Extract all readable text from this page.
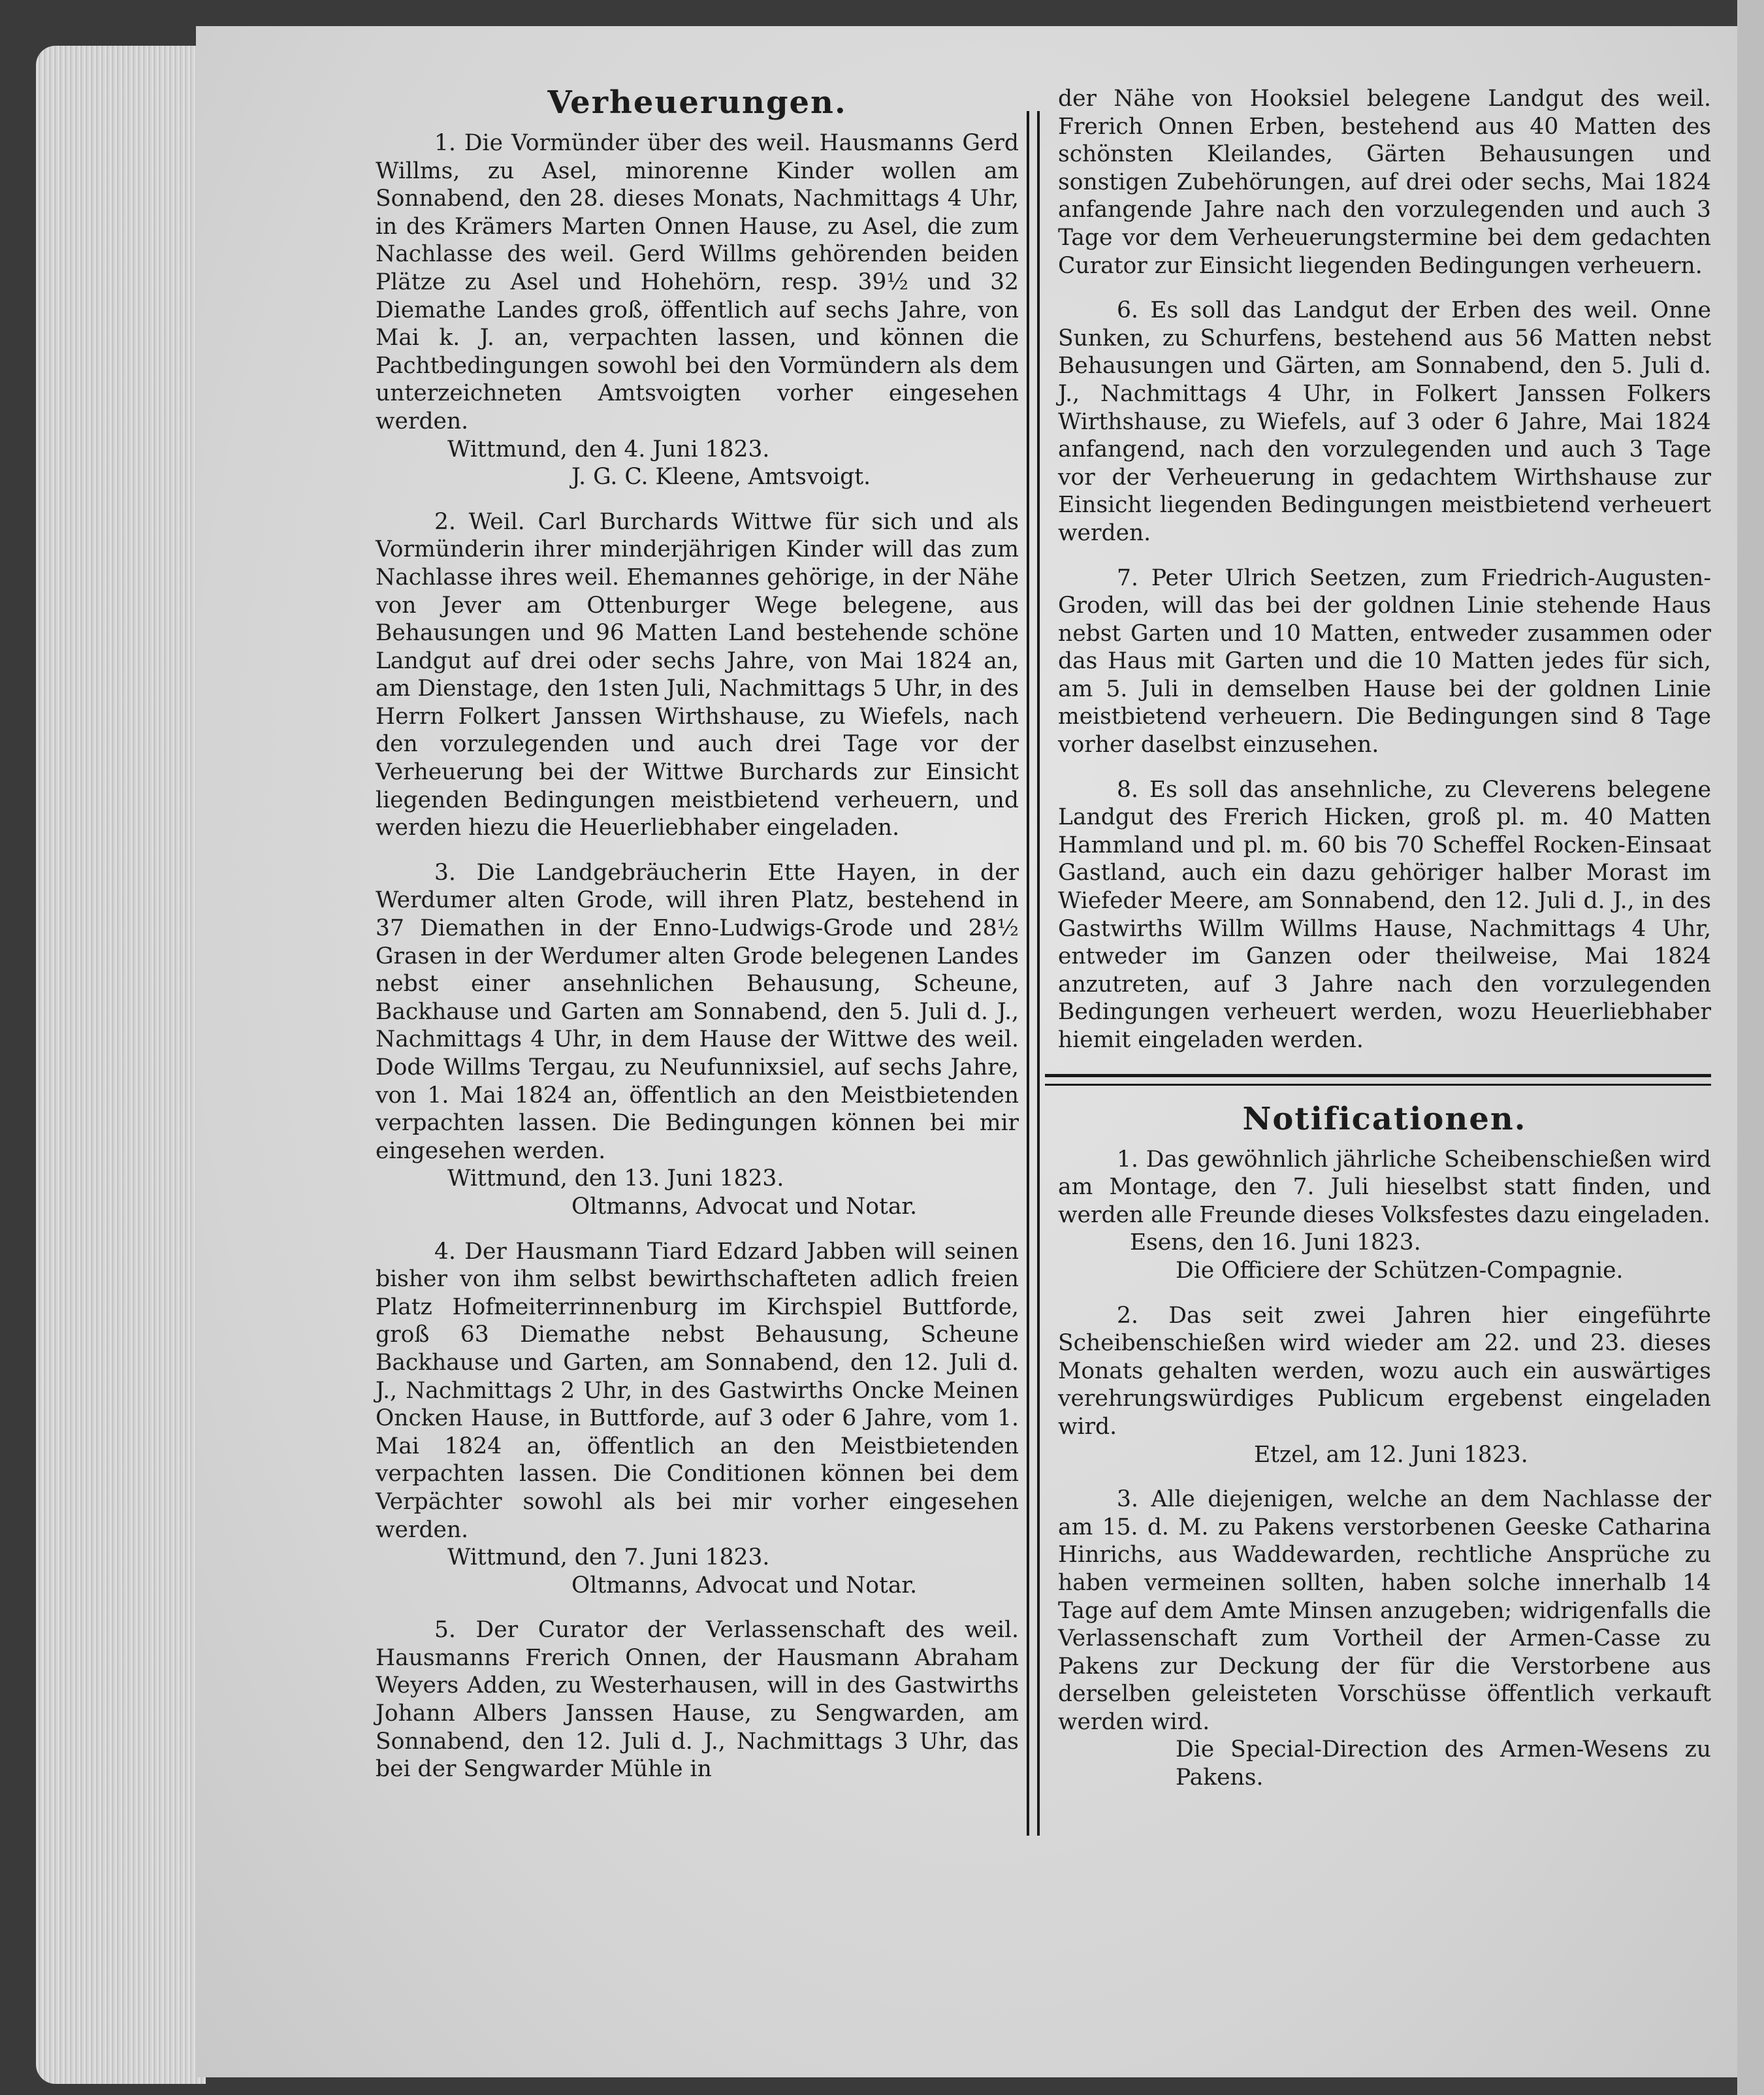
Verheuerungen.

1. Die Vormünder über des weil. Hausmanns Gerd Willms, zu Asel, minorenne Kinder wollen am Sonnabend, den 28. dieses Monats, Nachmittags 4 Uhr, in des Krämers Marten Onnen Hause, zu Asel, die zum Nachlasse des weil. Gerd Willms gehörenden beiden Plätze zu Asel und Hohehörn, resp. 39½ und 32 Diemathe Landes groß, öffentlich auf sechs Jahre, von Mai k. J. an, verpachten lassen, und können die Pachtbedingungen sowohl bei den Vormündern als dem unterzeichneten Amtsvoigten vorher eingesehen werden.

Wittmund, den 4. Juni 1823.
J. G. C. Kleene, Amtsvoigt.

2. Weil. Carl Burchards Wittwe für sich und als Vormünderin ihrer minderjährigen Kinder will das zum Nachlasse ihres weil. Ehemannes gehörige, in der Nähe von Jever am Ottenburger Wege belegene, aus Behausungen und 96 Matten Land bestehende schöne Landgut auf drei oder sechs Jahre, von Mai 1824 an, am Dienstage, den 1sten Juli, Nachmittags 5 Uhr, in des Herrn Folkert Janssen Wirthshause, zu Wiefels, nach den vorzulegenden und auch drei Tage vor der Verheuerung bei der Wittwe Burchards zur Einsicht liegenden Bedingungen meistbietend verheuern, und werden hiezu die Heuerliebhaber eingeladen.

3. Die Landgebräucherin Ette Hayen, in der Werdumer alten Grode, will ihren Platz, bestehend in 37 Diemathen in der Enno-Ludwigs-Grode und 28½ Grasen in der Werdumer alten Grode belegenen Landes nebst einer ansehnlichen Behausung, Scheune, Backhause und Garten am Sonnabend, den 5. Juli d. J., Nachmittags 4 Uhr, in dem Hause der Wittwe des weil. Dode Willms Tergau, zu Neufunnixsiel, auf sechs Jahre, von 1. Mai 1824 an, öffentlich an den Meistbietenden verpachten lassen. Die Bedingungen können bei mir eingesehen werden.

Wittmund, den 13. Juni 1823.
Oltmanns, Advocat und Notar.

4. Der Hausmann Tiard Edzard Jabben will seinen bisher von ihm selbst bewirthschafteten adlich freien Platz Hofmeiterrinnenburg im Kirchspiel Buttforde, groß 63 Diemathe nebst Behausung, Scheune Backhause und Garten, am Sonnabend, den 12. Juli d. J., Nachmittags 2 Uhr, in des Gastwirths Oncke Meinen Oncken Hause, in Buttforde, auf 3 oder 6 Jahre, vom 1. Mai 1824 an, öffentlich an den Meistbietenden verpachten lassen. Die Conditionen können bei dem Verpächter sowohl als bei mir vorher eingesehen werden.

Wittmund, den 7. Juni 1823.
Oltmanns, Advocat und Notar.

5. Der Curator der Verlassenschaft des weil. Hausmanns Frerich Onnen, der Hausmann Abraham Weyers Adden, zu Westerhausen, will in des Gastwirths Johann Albers Janssen Hause, zu Sengwarden, am Sonnabend, den 12. Juli d. J., Nachmittags 3 Uhr, das bei der Sengwarder Mühle in

der Nähe von Hooksiel belegene Landgut des weil. Frerich Onnen Erben, bestehend aus 40 Matten des schönsten Kleilandes, Gärten Behausungen und sonstigen Zubehörungen, auf drei oder sechs, Mai 1824 anfangende Jahre nach den vorzulegenden und auch 3 Tage vor dem Verheuerungstermine bei dem gedachten Curator zur Einsicht liegenden Bedingungen verheuern.

6. Es soll das Landgut der Erben des weil. Onne Sunken, zu Schurfens, bestehend aus 56 Matten nebst Behausungen und Gärten, am Sonnabend, den 5. Juli d. J., Nachmittags 4 Uhr, in Folkert Janssen Folkers Wirthshause, zu Wiefels, auf 3 oder 6 Jahre, Mai 1824 anfangend, nach den vorzulegenden und auch 3 Tage vor der Verheuerung in gedachtem Wirthshause zur Einsicht liegenden Bedingungen meistbietend verheuert werden.

7. Peter Ulrich Seetzen, zum Friedrich-Augusten-Groden, will das bei der goldnen Linie stehende Haus nebst Garten und 10 Matten, entweder zusammen oder das Haus mit Garten und die 10 Matten jedes für sich, am 5. Juli in demselben Hause bei der goldnen Linie meistbietend verheuern. Die Bedingungen sind 8 Tage vorher daselbst einzusehen.

8. Es soll das ansehnliche, zu Cleverens belegene Landgut des Frerich Hicken, groß pl. m. 40 Matten Hammland und pl. m. 60 bis 70 Scheffel Rocken-Einsaat Gastland, auch ein dazu gehöriger halber Morast im Wiefeder Meere, am Sonnabend, den 12. Juli d. J., in des Gastwirths Willm Willms Hause, Nachmittags 4 Uhr, entweder im Ganzen oder theilweise, Mai 1824 anzutreten, auf 3 Jahre nach den vorzulegenden Bedingungen verheuert werden, wozu Heuerliebhaber hiemit eingeladen werden.

Notificationen.

1. Das gewöhnlich jährliche Scheibenschießen wird am Montage, den 7. Juli hieselbst statt finden, und werden alle Freunde dieses Volksfestes dazu eingeladen.

Esens, den 16. Juni 1823.
Die Officiere der Schützen-Compagnie.

2. Das seit zwei Jahren hier eingeführte Scheibenschießen wird wieder am 22. und 23. dieses Monats gehalten werden, wozu auch ein auswärtiges verehrungswürdiges Publicum ergebenst eingeladen wird.

Etzel, am 12. Juni 1823.

3. Alle diejenigen, welche an dem Nachlasse der am 15. d. M. zu Pakens verstorbenen Geeske Catharina Hinrichs, aus Waddewarden, rechtliche Ansprüche zu haben vermeinen sollten, haben solche innerhalb 14 Tage auf dem Amte Minsen anzugeben; widrigenfalls die Verlassenschaft zum Vortheil der Armen-Casse zu Pakens zur Deckung der für die Verstorbene aus derselben geleisteten Vorschüsse öffentlich verkauft werden wird.

Die Special-Direction des Armen-Wesens zu Pakens.
